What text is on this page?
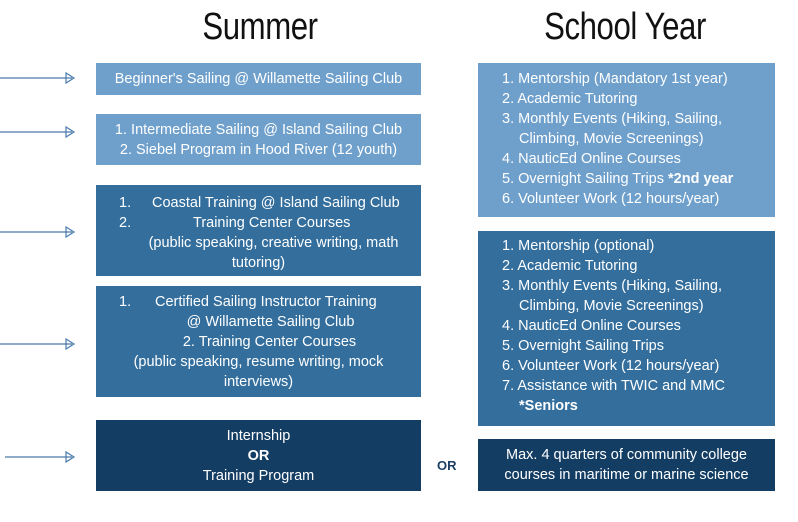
Summer	School Year
Beginner's Sailing @ Willamette Sailing Club
1. Intermediate Sailing @ Island Sailing Club
2. Siebel Program in Hood River (12 youth)
1. Coastal Training @ Island Sailing Club
2.	Training Center Courses
(public speaking, creative writing, math
tutoring)
1. Certified Sailing Instructor Training
@ Willamette Sailing Club
2. Training Center Courses
(public speaking, resume writing, mock
interviews)
Internship
OR
Training Program
OR
1. Mentorship (Mandatory 1st year)
2. Academic Tutoring
3. Monthly Events (Hiking, Sailing,
Climbing, Movie Screenings)
4. NauticEd Online Courses
5. Overnight Sailing Trips *2nd year
6. Volunteer Work (12 hours/year)
1. Mentorship (optional)
2. Academic Tutoring
3. Monthly Events (Hiking, Sailing,
Climbing, Movie Screenings)
4. NauticEd Online Courses
5. Overnight Sailing Trips
6. Volunteer Work (12 hours/year)
7. Assistance with TWIC and MMC
*Seniors
Max. 4 quarters of community college
courses in maritime or marine science
